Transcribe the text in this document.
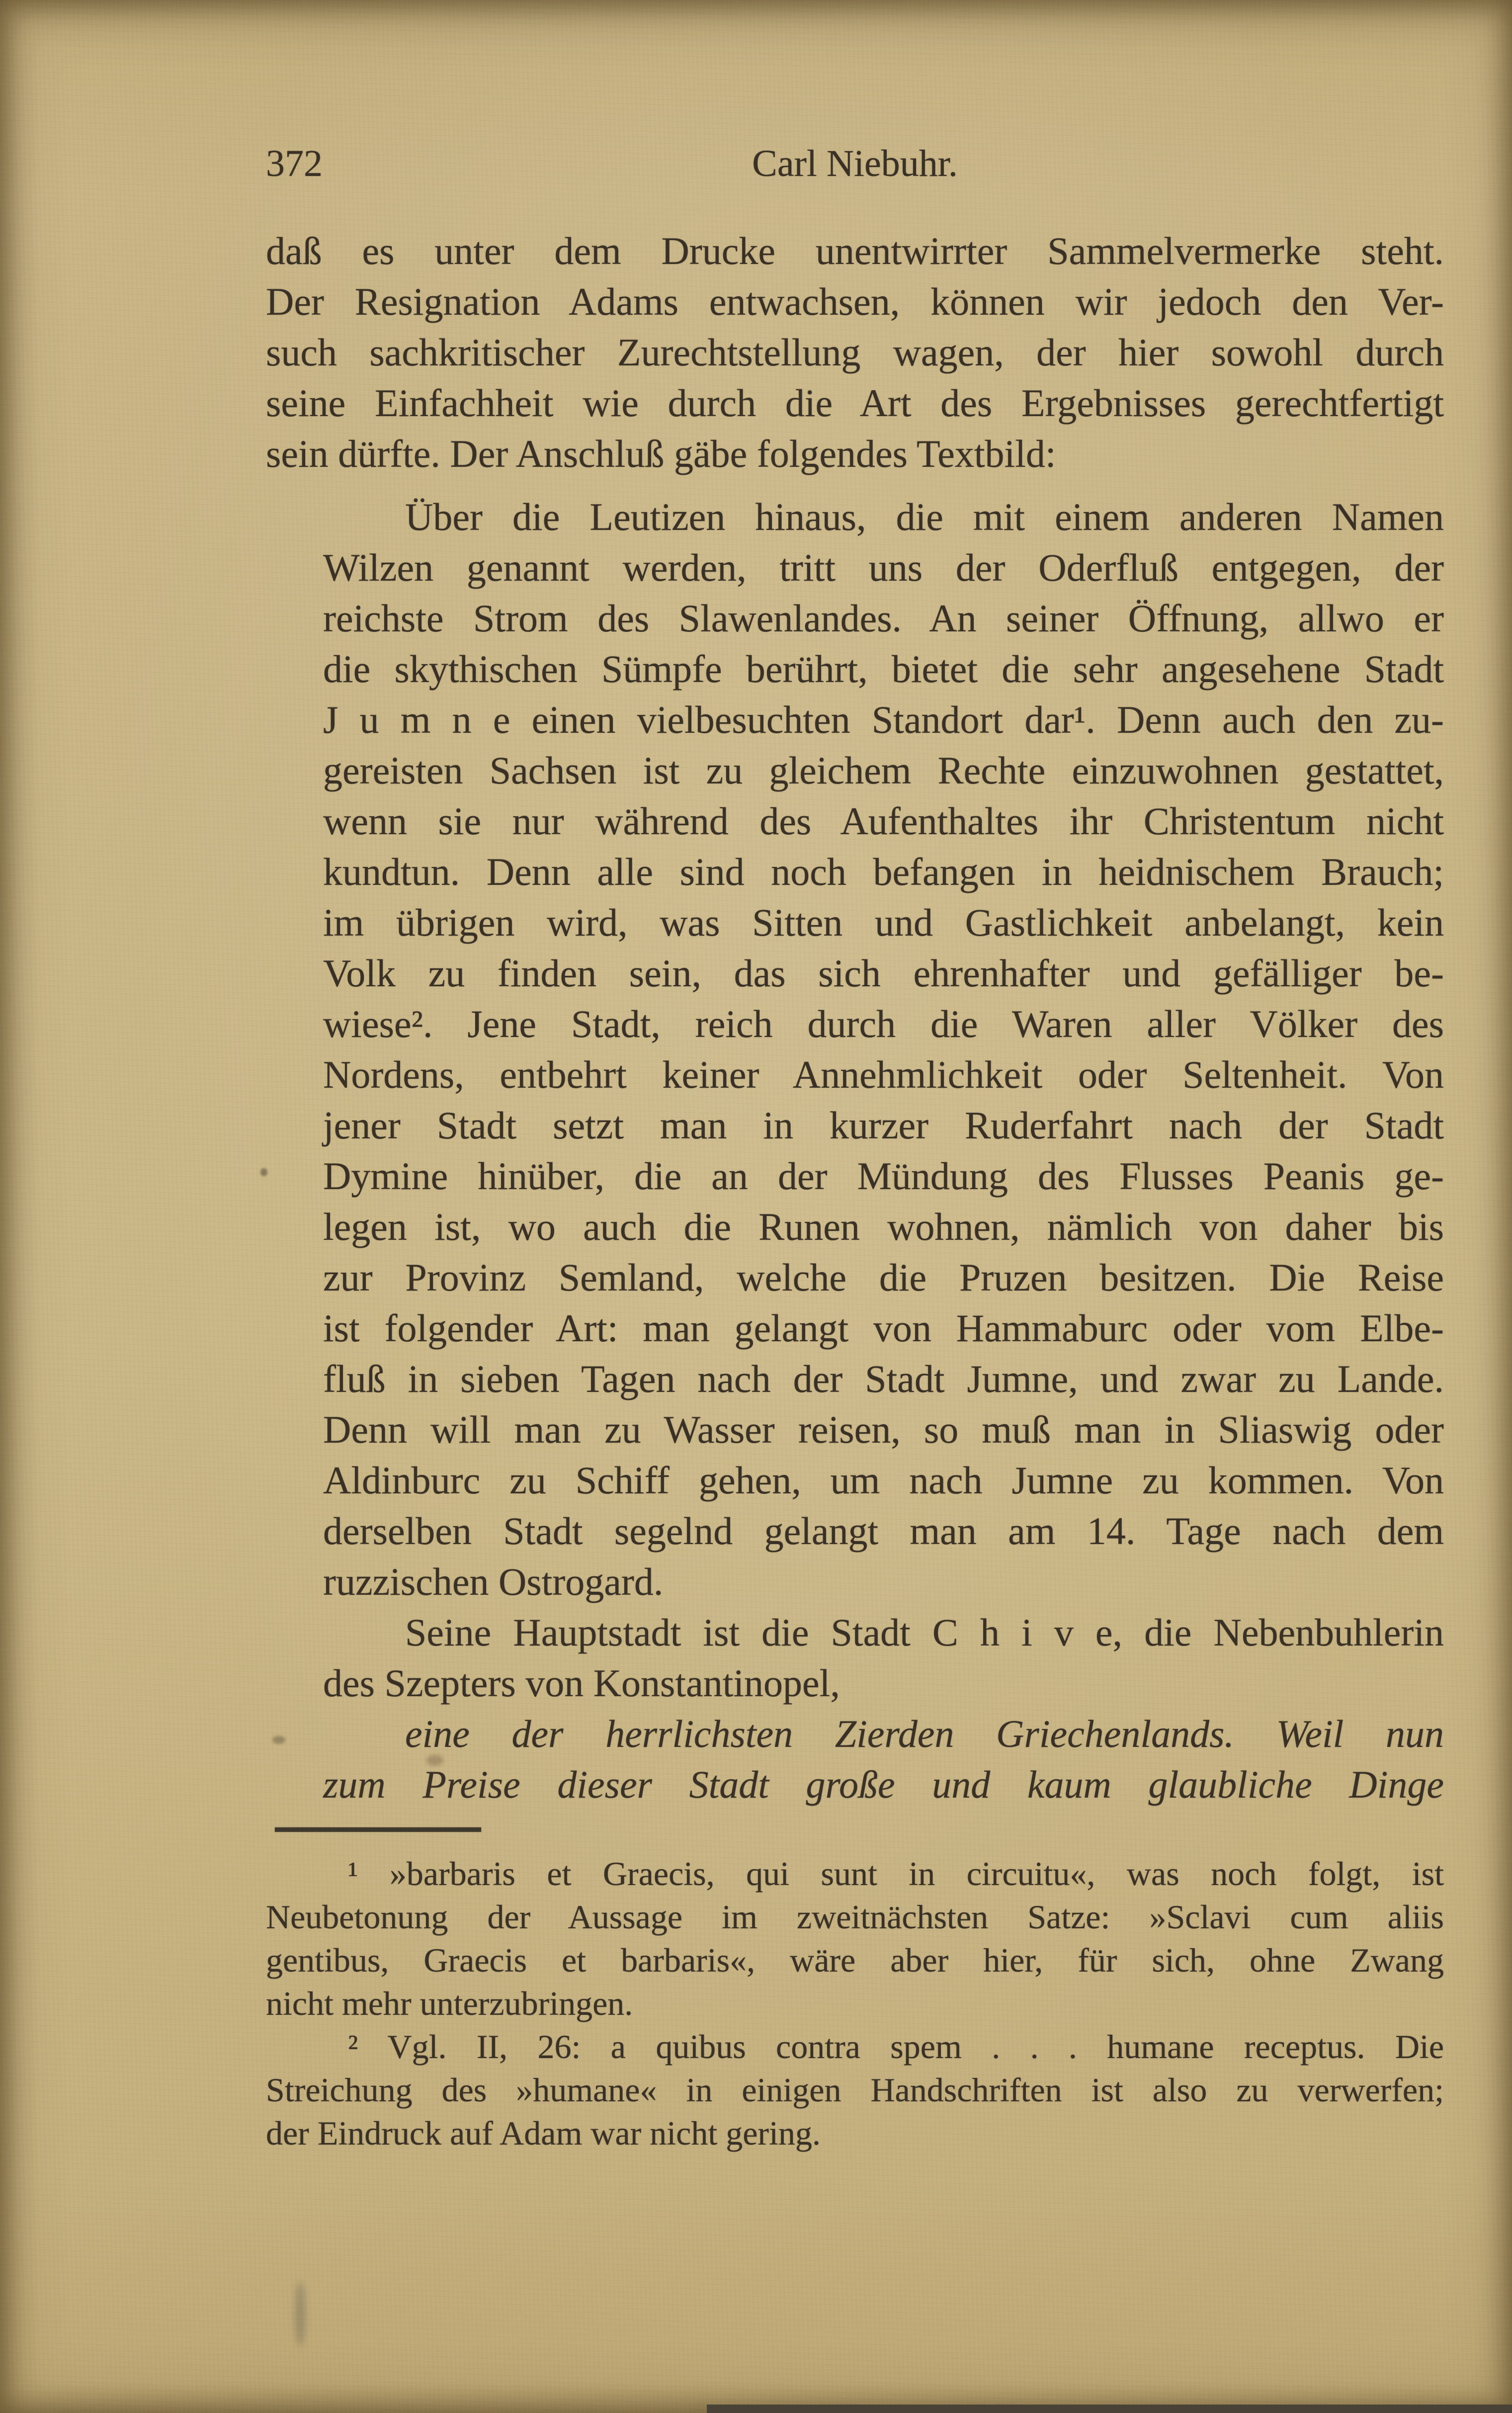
372	Carl Niebuhr.
daß es unter dem Drucke unentwirrter Sammelvermerke steht.
Der Resignation Adams entwachsen, können wir jedoch den Ver-
such sachkritischer Zurechtstellung wagen, der hier sowohl durch
seine Einfachheit wie durch die Art des Ergebnisses gerechtfertigt
sein dürfte. Der Anschluß gäbe folgendes Textbild:
Über die Leutizen hinaus, die mit einem anderen Namen
Wilzen genannt werden, tritt uns der Oderfluß entgegen, der
reichste Strom des Slawenlandes. An seiner Öffnung, allwo er
die skythischen Sümpfe berührt, bietet die sehr angesehene Stadt
J u m n e einen vielbesuchten Standort dar¹. Denn auch den zu-
gereisten Sachsen ist zu gleichem Rechte einzuwohnen gestattet,
wenn sie nur während des Aufenthaltes ihr Christentum nicht
kundtun. Denn alle sind noch befangen in heidnischem Brauch;
im übrigen wird, was Sitten und Gastlichkeit anbelangt, kein
Volk zu finden sein, das sich ehrenhafter und gefälliger be-
wiese². Jene Stadt, reich durch die Waren aller Völker des
Nordens, entbehrt keiner Annehmlichkeit oder Seltenheit. Von
jener Stadt setzt man in kurzer Ruderfahrt nach der Stadt
Dymine hinüber, die an der Mündung des Flusses Peanis ge-
legen ist, wo auch die Runen wohnen, nämlich von daher bis
zur Provinz Semland, welche die Pruzen besitzen. Die Reise
ist folgender Art: man gelangt von Hammaburc oder vom Elbe-
fluß in sieben Tagen nach der Stadt Jumne, und zwar zu Lande.
Denn will man zu Wasser reisen, so muß man in Sliaswig oder
Aldinburc zu Schiff gehen, um nach Jumne zu kommen. Von
derselben Stadt segelnd gelangt man am 14. Tage nach dem
ruzzischen Ostrogard.
Seine Hauptstadt ist die Stadt C h i v e, die Nebenbuhlerin
des Szepters von Konstantinopel,
eine der herrlichsten Zierden Griechenlands. Weil nun
zum Preise dieser Stadt große und kaum glaubliche Dinge
¹ »barbaris et Graecis, qui sunt in circuitu«, was noch folgt, ist
Neubetonung der Aussage im zweitnächsten Satze: »Sclavi cum aliis
gentibus, Graecis et barbaris«, wäre aber hier, für sich, ohne Zwang
nicht mehr unterzubringen.
² Vgl. II, 26: a quibus contra spem . . . humane receptus. Die
Streichung des »humane« in einigen Handschriften ist also zu verwerfen;
der Eindruck auf Adam war nicht gering.
